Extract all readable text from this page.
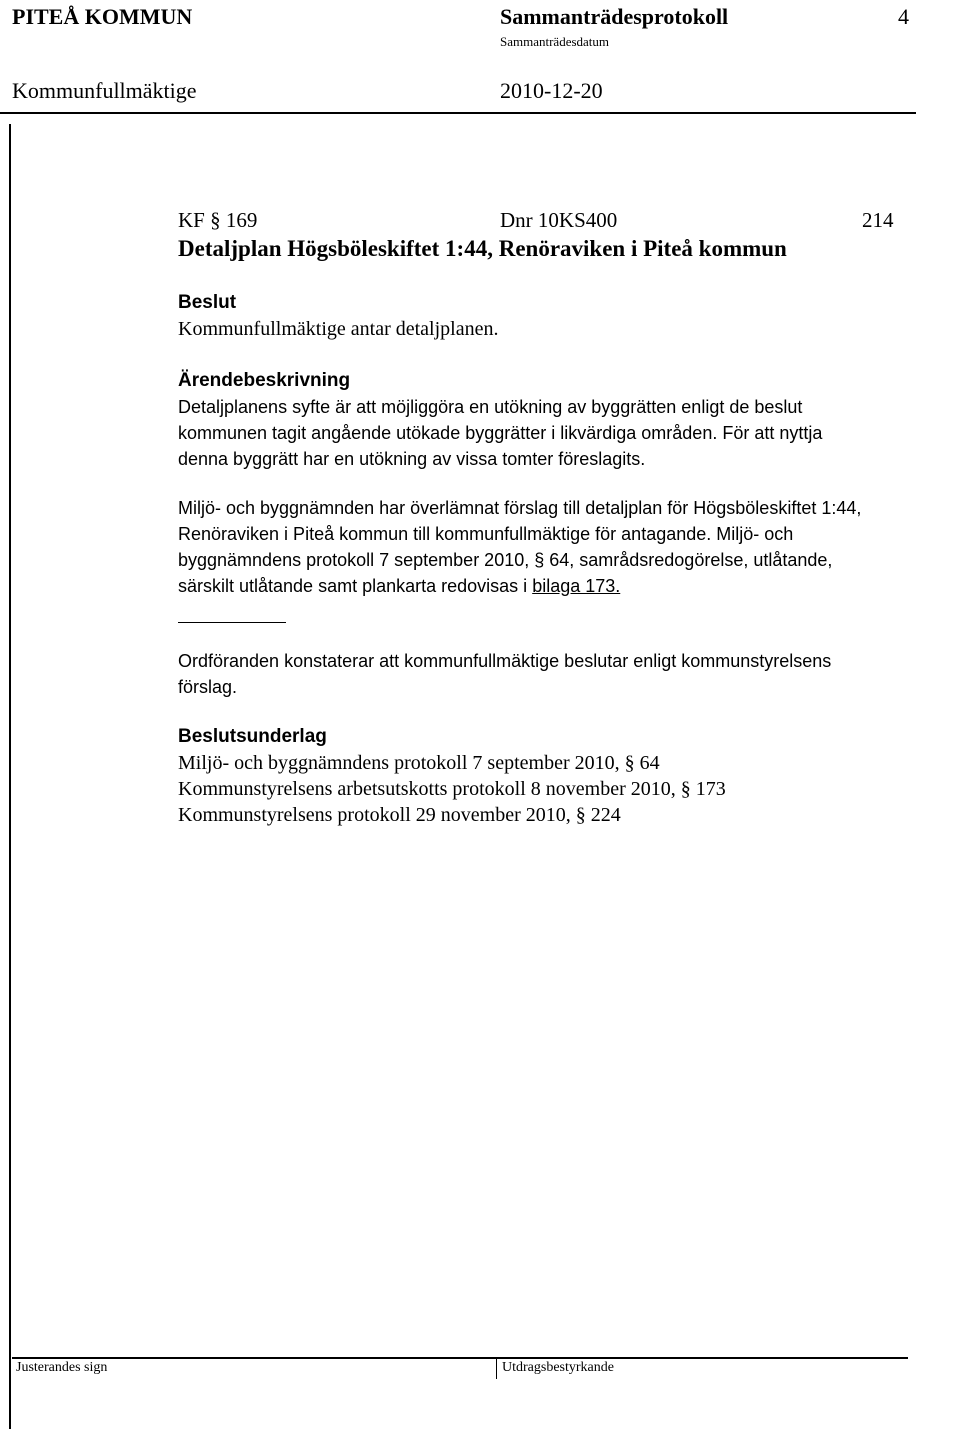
PITEÅ KOMMUN	Sammanträdesprotokoll	4
Sammanträdesdatum
Kommunfullmäktige	2010-12-20
KF § 169	Dnr 10KS400	214
Detaljplan Högsböleskiftet 1:44, Renöraviken i Piteå kommun
Beslut
Kommunfullmäktige antar detaljplanen.
Ärendebeskrivning
Detaljplanens syfte är att möjliggöra en utökning av byggrätten enligt de beslut
kommunen tagit angående utökade byggrätter i likvärdiga områden. För att nyttja
denna byggrätt har en utökning av vissa tomter föreslagits.
Miljö- och byggnämnden har överlämnat förslag till detaljplan för Högsböleskiftet 1:44,
Renöraviken i Piteå kommun till kommunfullmäktige för antagande. Miljö- och
byggnämndens protokoll 7 september 2010, § 64, samrådsredogörelse, utlåtande,
särskilt utlåtande samt plankarta redovisas i bilaga 173.
Ordföranden konstaterar att kommunfullmäktige beslutar enligt kommunstyrelsens
förslag.
Beslutsunderlag
Miljö- och byggnämndens protokoll 7 september 2010, § 64
Kommunstyrelsens arbetsutskotts protokoll 8 november 2010, § 173
Kommunstyrelsens protokoll 29 november 2010, § 224
Justerandes sign	Utdragsbestyrkande
